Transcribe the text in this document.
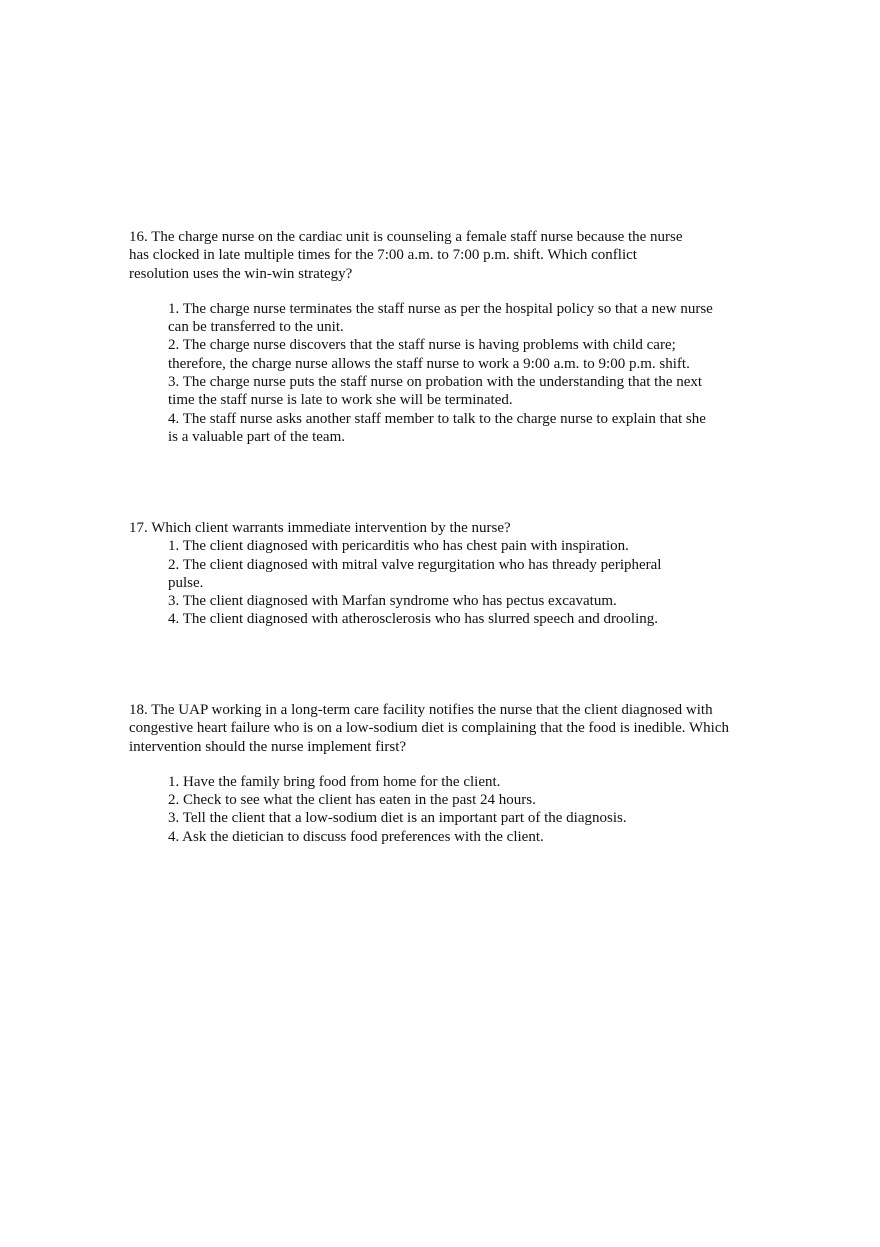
16. The charge nurse on the cardiac unit is counseling a female staff nurse because the nurse has clocked in late multiple times for the 7:00 a.m. to 7:00 p.m. shift. Which conflict resolution uses the win-win strategy?

1. The charge nurse terminates the staff nurse as per the hospital policy so that a new nurse can be transferred to the unit.
2. The charge nurse discovers that the staff nurse is having problems with child care; therefore, the charge nurse allows the staff nurse to work a 9:00 a.m. to 9:00 p.m. shift.
3. The charge nurse puts the staff nurse on probation with the understanding that the next time the staff nurse is late to work she will be terminated.
4. The staff nurse asks another staff member to talk to the charge nurse to explain that she is a valuable part of the team.

17. Which client warrants immediate intervention by the nurse?

1. The client diagnosed with pericarditis who has chest pain with inspiration.
2. The client diagnosed with mitral valve regurgitation who has thready peripheral pulse.
3. The client diagnosed with Marfan syndrome who has pectus excavatum.
4. The client diagnosed with atherosclerosis who has slurred speech and drooling.

18. The UAP working in a long-term care facility notifies the nurse that the client diagnosed with congestive heart failure who is on a low-sodium diet is complaining that the food is inedible. Which intervention should the nurse implement first?

1. Have the family bring food from home for the client.
2. Check to see what the client has eaten in the past 24 hours.
3. Tell the client that a low-sodium diet is an important part of the diagnosis.
4. Ask the dietician to discuss food preferences with the client.
